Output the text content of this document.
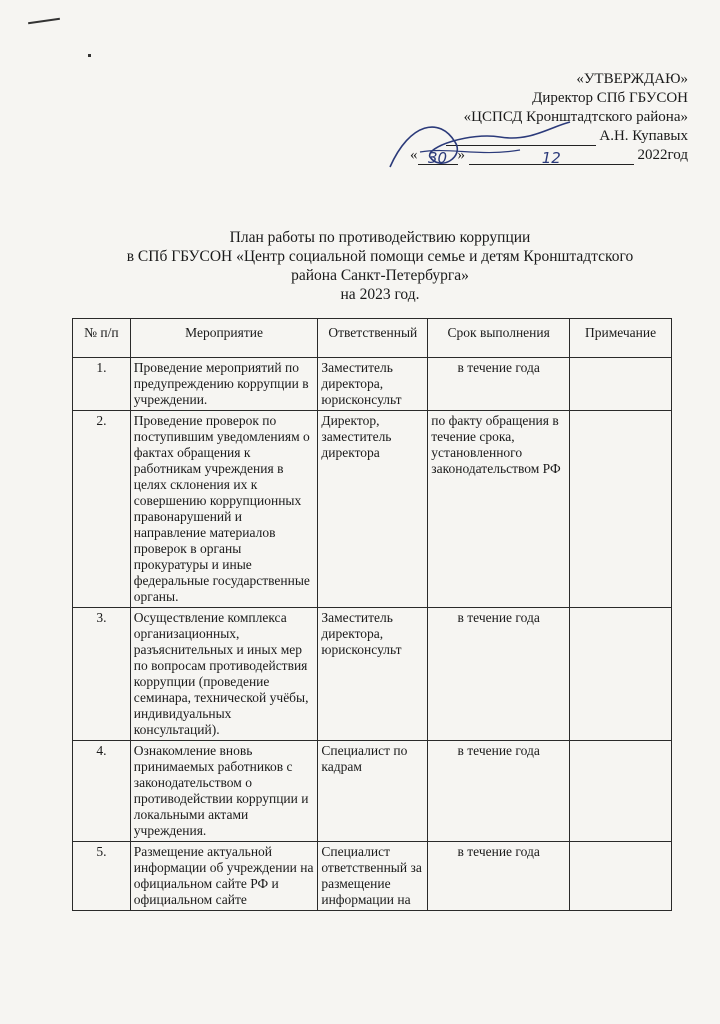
«УТВЕРЖДАЮ»
Директор СПб ГБУСОН
«ЦСПСД Кронштадтского района»
А.Н. Купавых
« 30 »	12	2022год
План работы по противодействию коррупции
в СПб ГБУСОН «Центр социальной помощи семье и детям Кронштадтского
района Санкт-Петербурга»
на 2023 год.
№ п/п	Мероприятие	Ответственный	Срок выполнения	Примечание
1.	Проведение мероприятий по предупреждению коррупции в учреждении.	Заместитель директора, юрисконсульт	в течение года	
2.	Проведение проверок по поступившим уведомлениям о фактах обращения к работникам учреждения в целях склонения их к совершению коррупционных правонарушений и направление материалов проверок в органы прокуратуры и иные федеральные государственные органы.	Директор, заместитель директора	по факту обращения в течение срока, установленного законодательством РФ	
3.	Осуществление комплекса организационных, разъяснительных и иных мер по вопросам противодействия коррупции (проведение семинара, технической учёбы, индивидуальных консультаций).	Заместитель директора, юрисконсульт	в течение года	
4.	Ознакомление вновь принимаемых работников с законодательством о противодействии коррупции и локальными актами учреждения.	Специалист по кадрам	в течение года	
5.	Размещение актуальной информации об учреждении на официальном сайте РФ и официальном сайте	Специалист ответственный за размещение информации на	в течение года	
